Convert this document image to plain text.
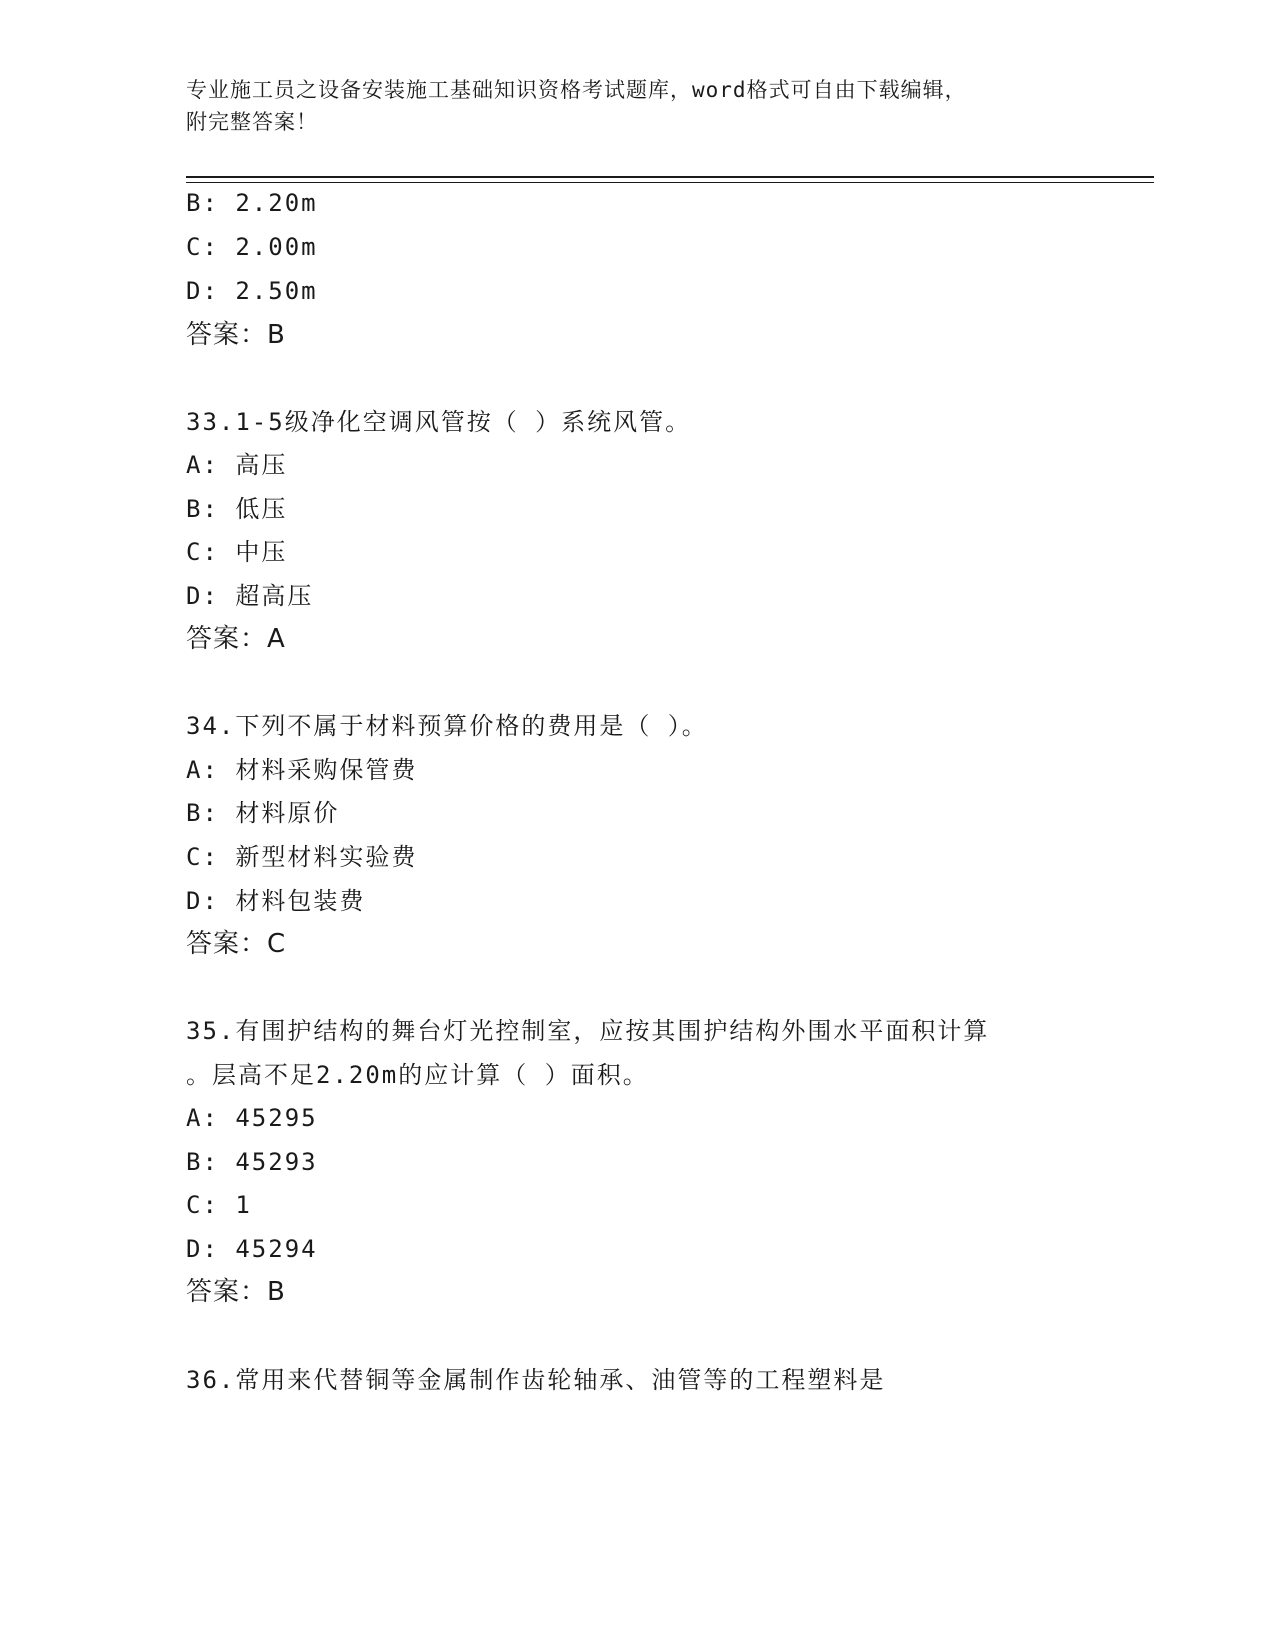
专业施工员之设备安装施工基础知识资格考试题库，word格式可自由下载编辑，
附完整答案！
B: 2.20m
C: 2.00m
D: 2.50m
答案：B
33.1-5级净化空调风管按（ ）系统风管。
A: 高压
B: 低压
C: 中压
D: 超高压
答案：A
34.下列不属于材料预算价格的费用是（ ）。
A: 材料采购保管费
B: 材料原价
C: 新型材料实验费
D: 材料包装费
答案：C
35.有围护结构的舞台灯光控制室，应按其围护结构外围水平面积计算
。层高不足2.20m的应计算（ ）面积。
A: 45295
B: 45293
C: 1
D: 45294
答案：B
36.常用来代替铜等金属制作齿轮轴承、油管等的工程塑料是
